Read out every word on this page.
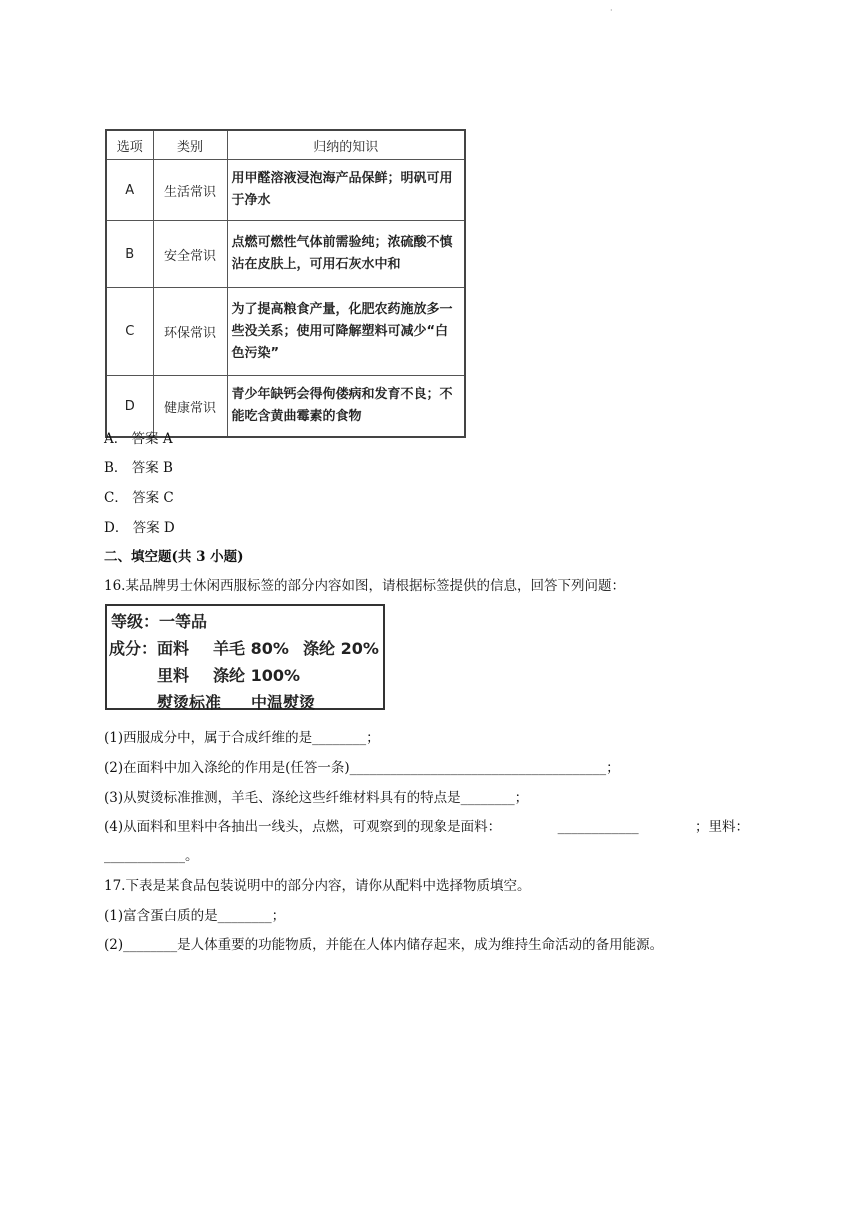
·
选项	类别	归纳的知识
A	生活常识	用甲醛溶液浸泡海产品保鲜；明矾可用于净水
B	安全常识	点燃可燃性气体前需验纯；浓硫酸不慎沾在皮肤上，可用石灰水中和
C	环保常识	为了提高粮食产量，化肥农药施放多一些没关系；使用可降解塑料可减少“白色污染”
D	健康常识	青少年缺钙会得佝偻病和发育不良；不能吃含黄曲霉素的食物
A． 答案 A
B． 答案 B
C． 答案 C
D． 答案 D
二、填空题(共 3 小题)
16.某品牌男士休闲西服标签的部分内容如图，请根据标签提供的信息，回答下列问题：
等级：一等品
成分：面料 羊毛 80% 涤纶 20%
里料 涤纶 100%
熨烫标准 中温熨烫
(1)西服成分中，属于合成纤维的是________；
(2)在面料中加入涤纶的作用是(任答一条)______________________________________；
(3)从熨烫标准推测，羊毛、涤纶这些纤维材料具有的特点是________；
(4)从面料和里料中各抽出一线头，点燃，可观察到的现象是面料：	____________	；里料：
____________。
17.下表是某食品包装说明中的部分内容，请你从配料中选择物质填空。
(1)富含蛋白质的是________；
(2)________是人体重要的功能物质，并能在人体内储存起来，成为维持生命活动的备用能源。
